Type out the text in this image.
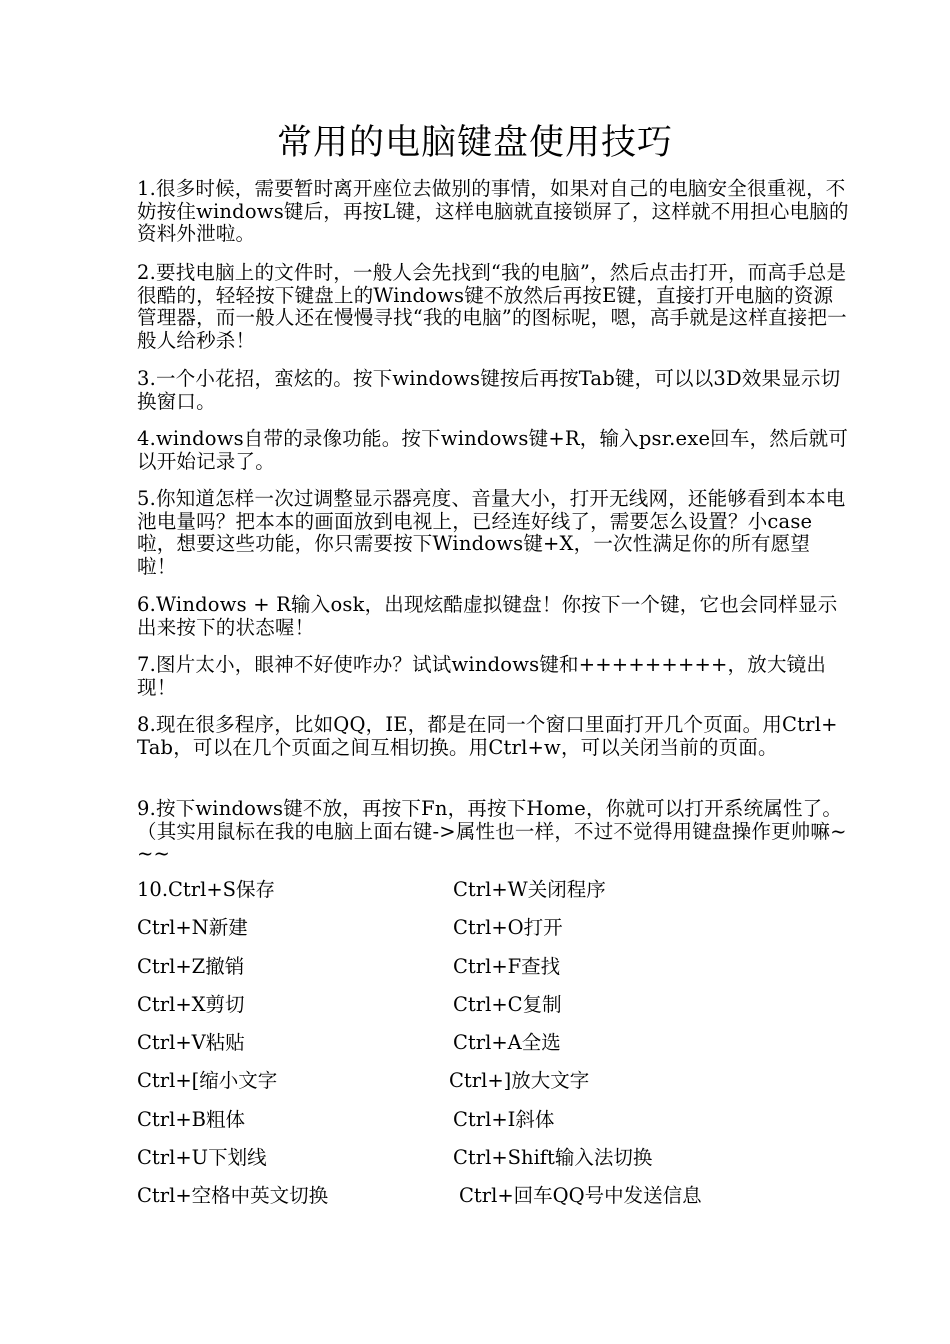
常用的电脑键盘使用技巧
1.很多时候，需要暂时离开座位去做别的事情，如果对自己的电脑安全很重视，不妨按住windows键后，再按L键，这样电脑就直接锁屏了，这样就不用担心电脑的资料外泄啦。
2.要找电脑上的文件时，一般人会先找到“我的电脑”，然后点击打开，而高手总是很酷的，轻轻按下键盘上的Windows键不放然后再按E键，直接打开电脑的资源管理器，而一般人还在慢慢寻找“我的电脑”的图标呢，嗯，高手就是这样直接把一般人给秒杀！
3.一个小花招，蛮炫的。按下windows键按后再按Tab键，可以以3D效果显示切换窗口。
4.windows自带的录像功能。按下windows键+R，输入psr.exe回车，然后就可以开始记录了。
5.你知道怎样一次过调整显示器亮度、音量大小，打开无线网，还能够看到本本电池电量吗？把本本的画面放到电视上，已经连好线了，需要怎么设置？小case啦，想要这些功能，你只需要按下Windows键+X，一次性满足你的所有愿望啦！
6.Windows + R输入osk，出现炫酷虚拟键盘！你按下一个键，它也会同样显示出来按下的状态喔！
7.图片太小，眼神不好使咋办？试试windows键和+++++++++，放大镜出现！
8.现在很多程序，比如QQ，IE，都是在同一个窗口里面打开几个页面。用Ctrl+Tab，可以在几个页面之间互相切换。用Ctrl+w，可以关闭当前的页面。
9.按下windows键不放，再按下Fn，再按下Home，你就可以打开系统属性了。（其实用鼠标在我的电脑上面右键->属性也一样，不过不觉得用键盘操作更帅嘛~~~
10.Ctrl+S保存	Ctrl+W关闭程序
Ctrl+N新建	Ctrl+O打开
Ctrl+Z撤销	Ctrl+F查找
Ctrl+X剪切	Ctrl+C复制
Ctrl+V粘贴	Ctrl+A全选
Ctrl+[缩小文字	Ctrl+]放大文字
Ctrl+B粗体	Ctrl+I斜体
Ctrl+U下划线	Ctrl+Shift输入法切换
Ctrl+空格中英文切换	Ctrl+回车QQ号中发送信息
